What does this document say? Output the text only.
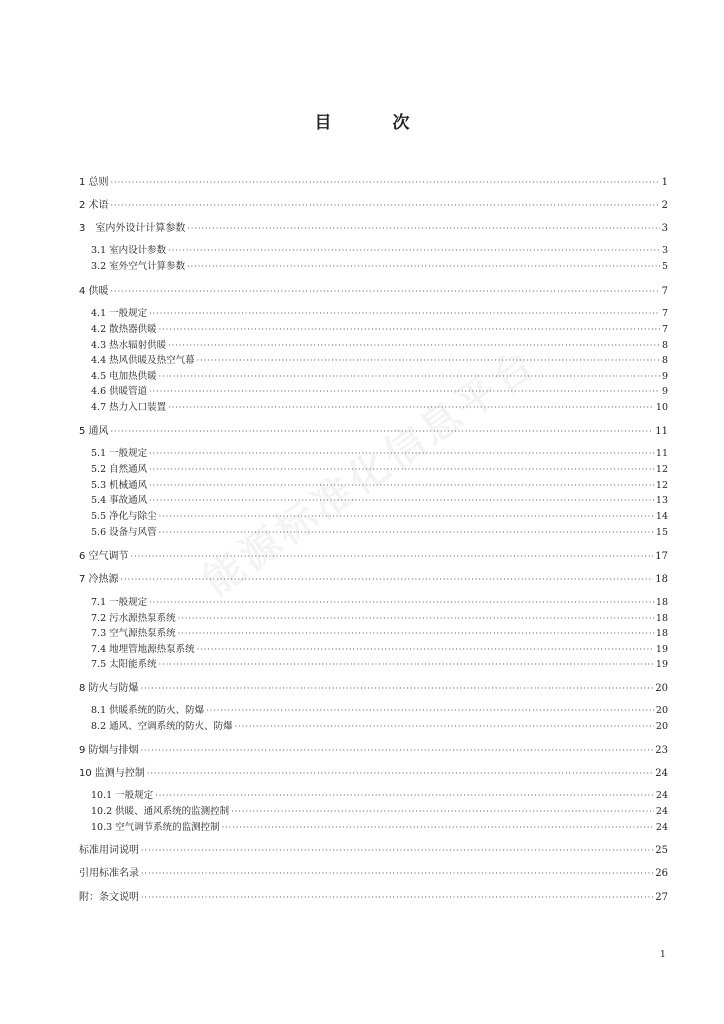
目　次
能源标准化信息平台
1 总则 ·····	1
2 术语 ·····	2
3　室内外设计计算参数 ·····	3
3.1 室内设计参数 ·····	3
3.2 室外空气计算参数 ·····	5
4 供暖 ·····	7
4.1 一般规定 ·····	7
4.2 散热器供暖 ·····	7
4.3 热水辐射供暖 ·····	8
4.4 热风供暖及热空气幕 ·····	8
4.5 电加热供暖 ·····	9
4.6 供暖管道 ·····	9
4.7 热力入口装置 ·····	10
5 通风 ·····	11
5.1 一般规定 ·····	11
5.2 自然通风 ·····	12
5.3 机械通风 ·····	12
5.4 事故通风 ·····	13
5.5 净化与除尘 ·····	14
5.6 设备与风管 ·····	15
6 空气调节 ·····	17
7 冷热源 ·····	18
7.1 一般规定 ·····	18
7.2 污水源热泵系统 ·····	18
7.3 空气源热泵系统 ·····	18
7.4 地埋管地源热泵系统 ·····	19
7.5 太阳能系统 ·····	19
8 防火与防爆 ·····	20
8.1 供暖系统的防火、防爆 ·····	20
8.2 通风、空调系统的防火、防爆 ·····	20
9 防烟与排烟 ·····	23
10 监测与控制 ·····	24
10.1 一般规定 ·····	24
10.2 供暖、通风系统的监测控制 ·····	24
10.3 空气调节系统的监测控制 ·····	24
标准用词说明 ·····	25
引用标准名录 ·····	26
附：条文说明 ·····	27
1
